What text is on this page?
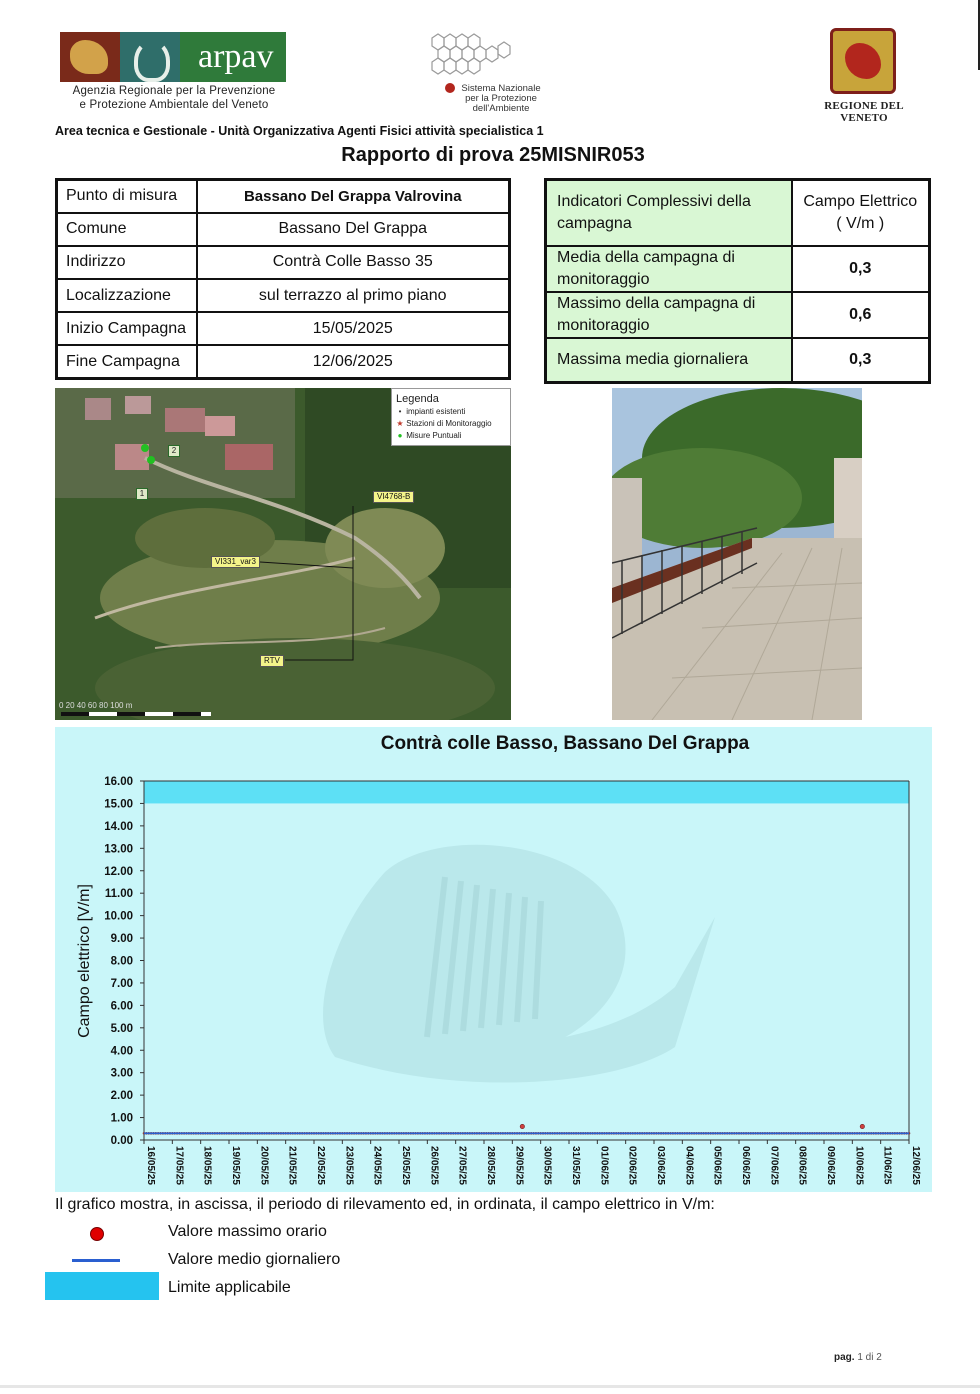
arpav
Agenzia Regionale per la Prevenzione
e Protezione Ambientale del Veneto
Sistema Nazionale
per la Protezione
dell'Ambiente	REGIONE DEL VENETO
Area tecnica e Gestionale - Unità Organizzativa Agenti Fisici attività specialistica 1
Rapporto di prova 25MISNIR053
Punto di misura	Bassano Del Grappa Valrovina
Comune	Bassano Del Grappa
Indirizzo	Contrà Colle Basso 35
Localizzazione	sul terrazzo al primo piano
Inizio Campagna	15/05/2025
Fine Campagna	12/06/2025
Indicatori Complessivi della campagna	Campo Elettrico ( V/m )
Media della campagna di monitoraggio	0,3
Massimo della campagna di monitoraggio	0,6
Massima media giornaliera	0,3
Legenda
• impianti esistenti
★ Stazioni di Monitoraggio
● Misure Puntuali
VI4768-B
VI331_var3
RTV
1
2
0 20 40 60 80 100 m
Contrà colle Basso, Bassano Del Grappa
0.00
1.00
2.00
3.00
4.00
5.00
6.00
7.00
8.00
9.00
10.00
11.00
12.00
13.00
14.00
15.00
16.00
Campo elettrico [V/m]
16/05/25 17/05/25 18/05/25 19/05/25 20/05/25 21/05/25 22/05/25 23/05/25 24/05/25 25/05/25 26/05/25 27/05/25 28/05/25 29/05/25 30/05/25 31/05/25 01/06/25 02/06/25 03/06/25 04/06/25 05/06/25 06/06/25 07/06/25 08/06/25 09/06/25 10/06/25 11/06/25 12/06/25
Il grafico mostra, in ascissa, il periodo di rilevamento ed, in ordinata, il campo elettrico in V/m:
Valore massimo orario
Valore medio giornaliero
Limite applicabile
pag. 1 di 2
